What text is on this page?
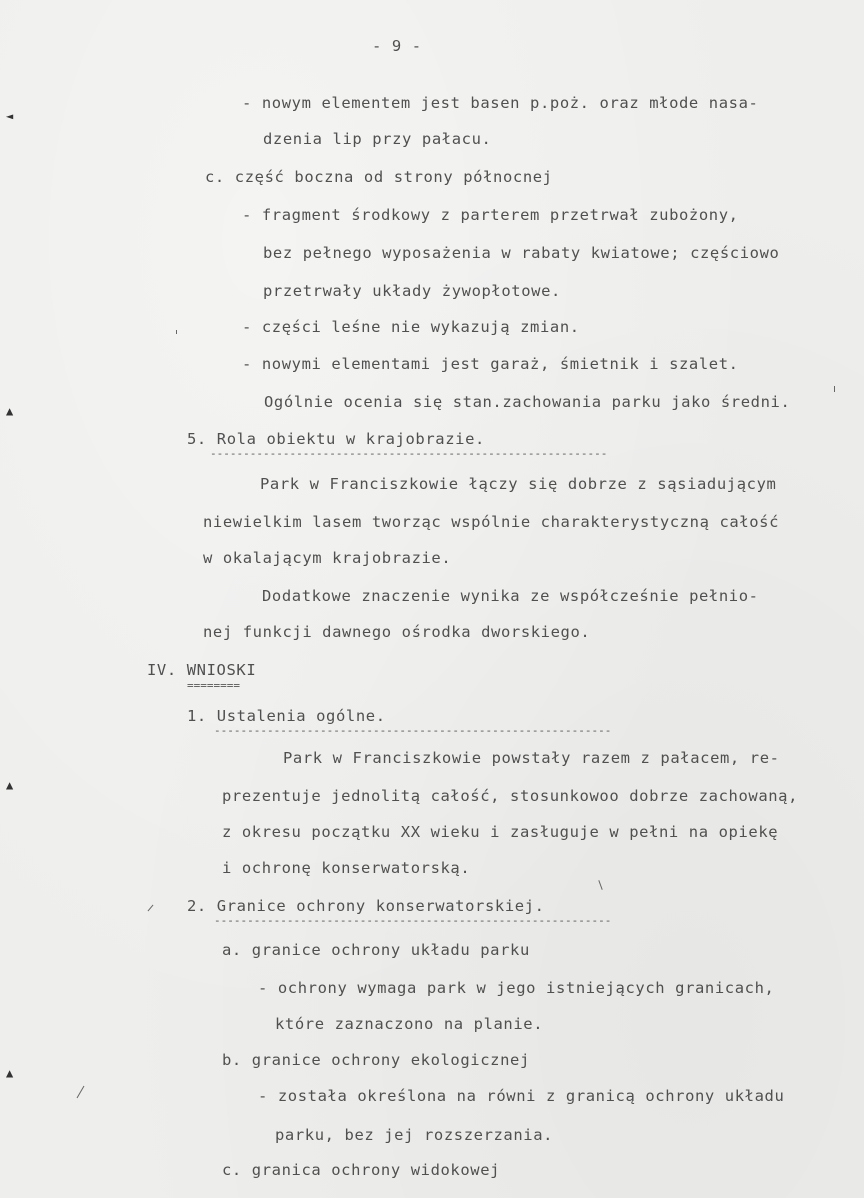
- 9 -
- nowym elementem jest basen p.poż. oraz młode nasa-
dzenia lip przy pałacu.
c. część boczna od strony północnej
- fragment środkowy z parterem przetrwał zubożony,
bez pełnego wyposażenia w rabaty kwiatowe; częściowo
przetrwały układy żywopłotowe.
- części leśne nie wykazują zmian.
- nowymi elementami jest garaż, śmietnik i szalet.
Ogólnie ocenia się stan.zachowania parku jako średni.
5. Rola obiektu w krajobrazie.
------------------------------------------------------------
Park w Franciszkowie łączy się dobrze z sąsiadującym
niewielkim lasem tworząc wspólnie charakterystyczną całość
w okalającym krajobrazie.
Dodatkowe znaczenie wynika ze współcześnie pełnio-
nej funkcji dawnego ośrodka dworskiego.
IV. WNIOSKI
========
1. Ustalenia ogólne.
------------------------------------------------------------
Park w Franciszkowie powstały razem z pałacem, re-
prezentuje jednolitą całość, stosunkowoo dobrze zachowaną,
z okresu początku XX wieku i zasługuje w pełni na opiekę
i ochronę konserwatorską.
2. Granice ochrony konserwatorskiej.
------------------------------------------------------------
a. granice ochrony układu parku
- ochrony wymaga park w jego istniejących granicach,
które zaznaczono na planie.
b. granice ochrony ekologicznej
- została określona na równi z granicą ochrony układu
parku, bez jej rozszerzania.
c. granica ochrony widokowej
◄
▲
▲
▲
